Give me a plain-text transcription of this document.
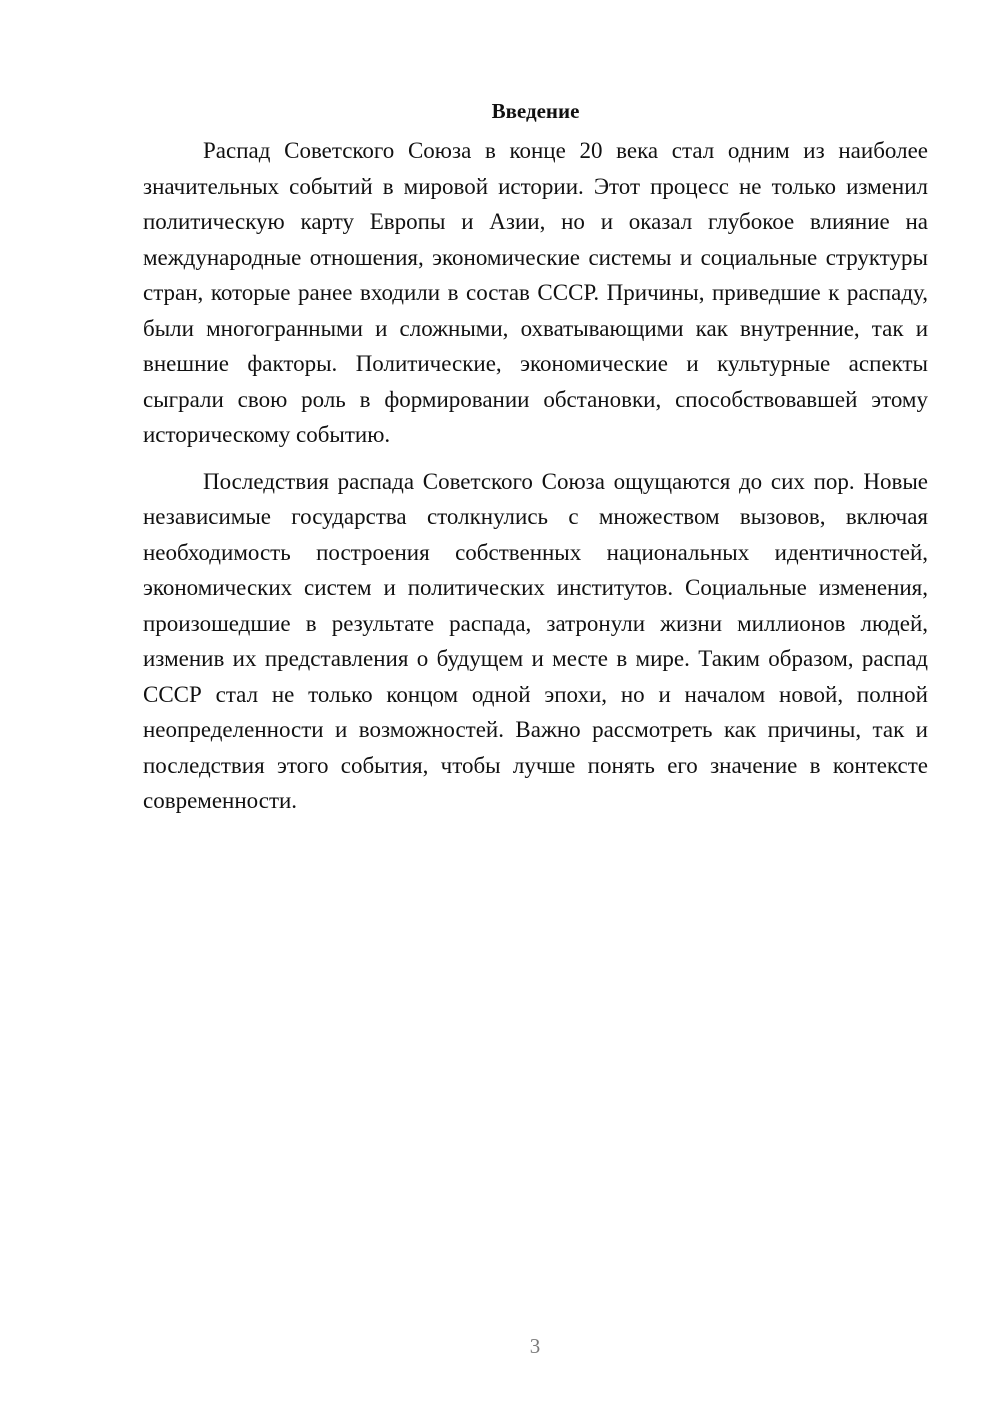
Введение

Распад Советского Союза в конце 20 века стал одним из наиболее значительных событий в мировой истории. Этот процесс не только изменил политическую карту Европы и Азии, но и оказал глубокое влияние на международные отношения, экономические системы и социальные структуры стран, которые ранее входили в состав СССР. Причины, приведшие к распаду, были многогранными и сложными, охватывающими как внутренние, так и внешние факторы. Политические, экономические и культурные аспекты сыграли свою роль в формировании обстановки, способствовавшей этому историческому событию.

Последствия распада Советского Союза ощущаются до сих пор. Новые независимые государства столкнулись с множеством вызовов, включая необходимость построения собственных национальных идентичностей, экономических систем и политических институтов. Социальные изменения, произошедшие в результате распада, затронули жизни миллионов людей, изменив их представления о будущем и месте в мире. Таким образом, распад СССР стал не только концом одной эпохи, но и началом новой, полной неопределенности и возможностей. Важно рассмотреть как причины, так и последствия этого события, чтобы лучше понять его значение в контексте современности.

3
